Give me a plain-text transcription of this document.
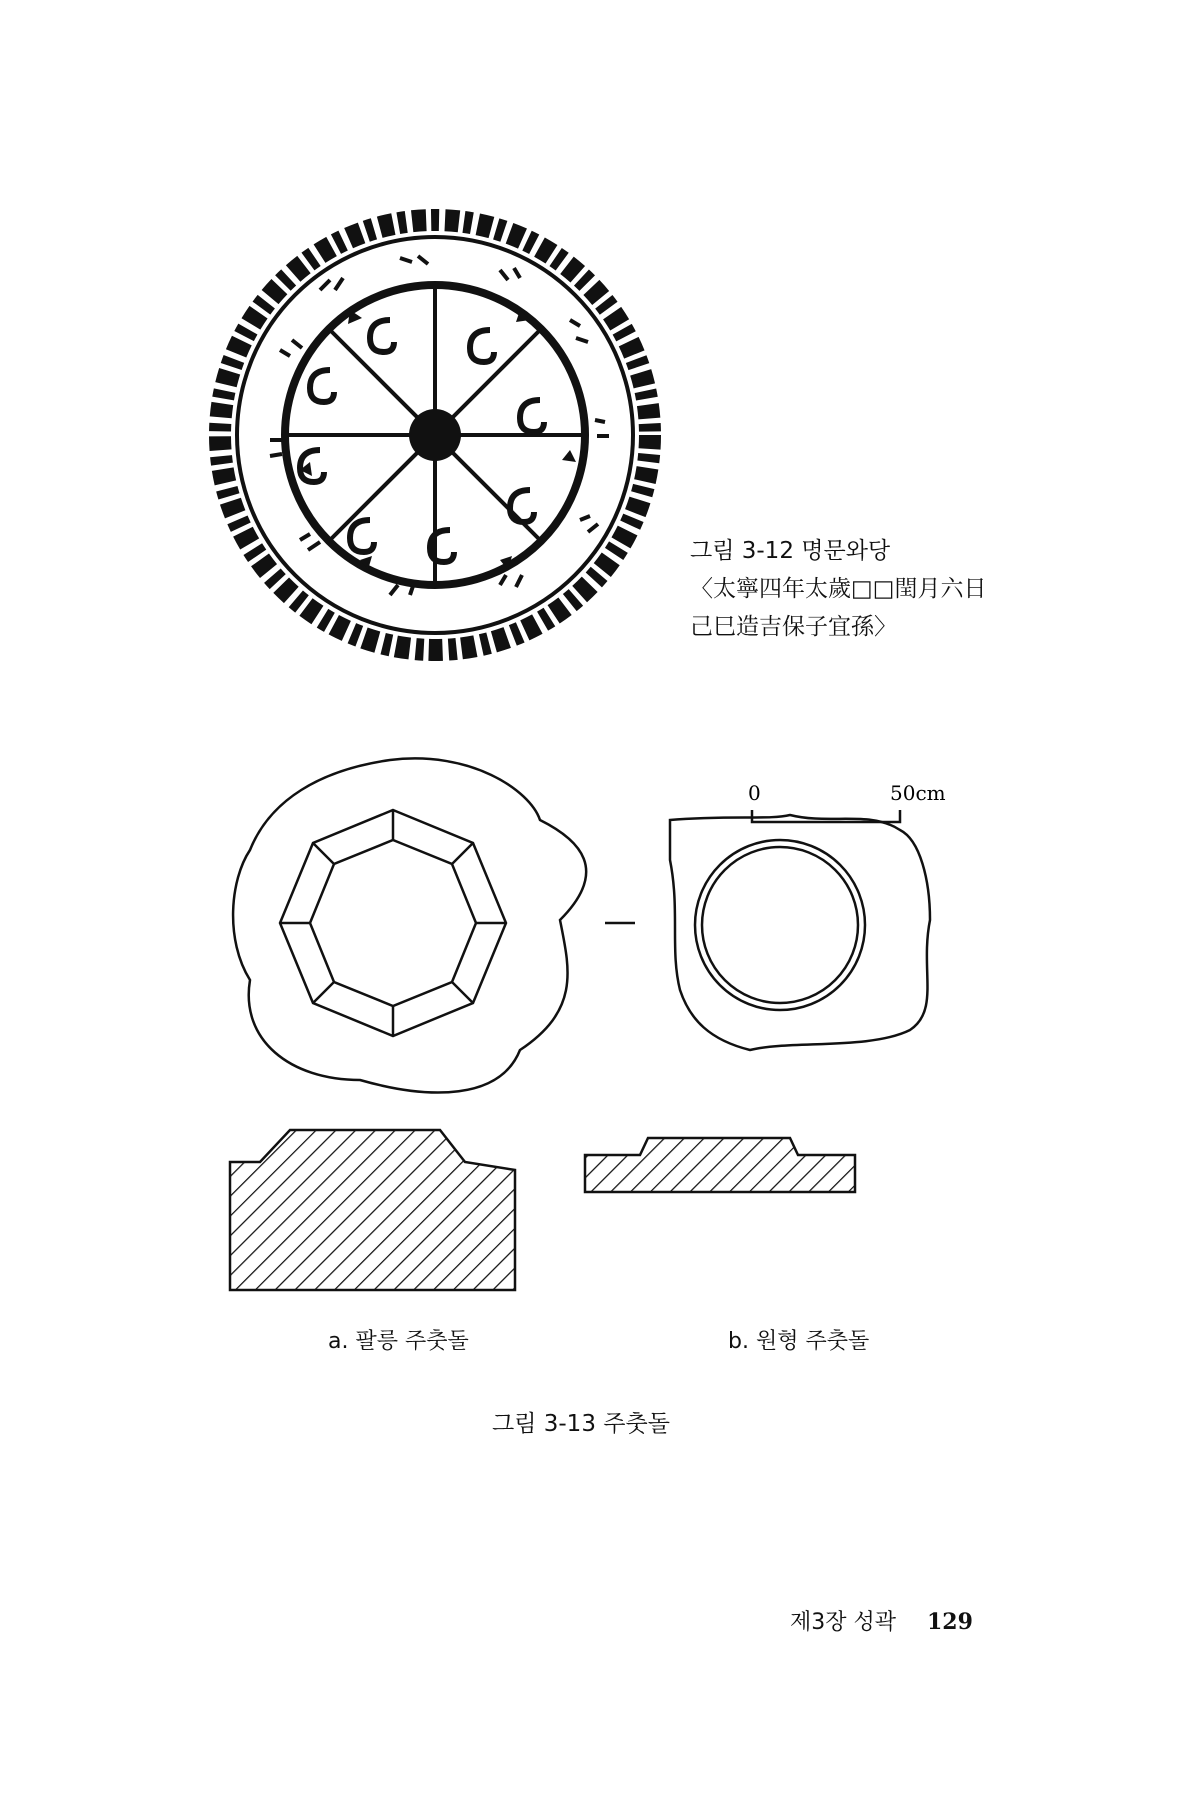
그림 3-12 명문와당
〈太寧四年太歲□□閏月六日
己巳造吉保子宜孫〉
0	50cm
a. 팔릉 주춧돌	b. 원형 주춧돌
그림 3-13 주춧돌
제3장 성곽 129
